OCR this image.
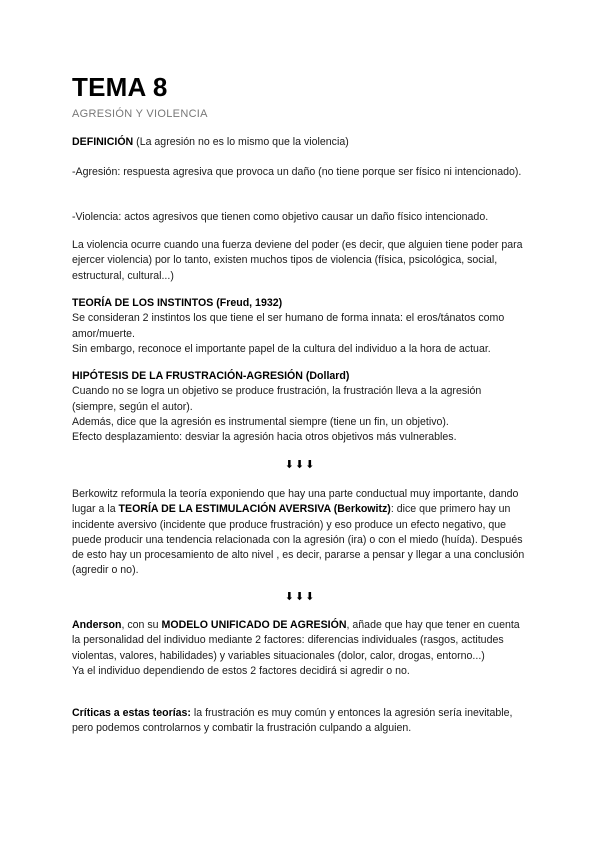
TEMA 8
AGRESIÓN Y VIOLENCIA
DEFINICIÓN (La agresión no es lo mismo que la violencia)
-Agresión: respuesta agresiva que provoca un daño (no tiene porque ser físico ni intencionado).
-Violencia: actos agresivos que tienen como objetivo causar un daño físico intencionado.
La violencia ocurre cuando una fuerza deviene del poder (es decir, que alguien tiene poder para ejercer violencia) por lo tanto, existen muchos tipos de violencia (física, psicológica, social, estructural, cultural...)
TEORÍA DE LOS INSTINTOS (Freud, 1932)
Se consideran 2 instintos los que tiene el ser humano de forma innata: el eros/tánatos como amor/muerte.
Sin embargo, reconoce el importante papel de la cultura del individuo a la hora de actuar.
HIPÓTESIS DE LA FRUSTRACIÓN-AGRESIÓN (Dollard)
Cuando no se logra un objetivo se produce frustración, la frustración lleva a la agresión (siempre, según el autor).
Además, dice que la agresión es instrumental siempre (tiene un fin, un objetivo).
Efecto desplazamiento: desviar la agresión hacia otros objetivos más vulnerables.
⬇⬇⬇
Berkowitz reformula la teoría exponiendo que hay una parte conductual muy importante, dando lugar a la TEORÍA DE LA ESTIMULACIÓN AVERSIVA (Berkowitz): dice que primero hay un incidente aversivo (incidente que produce frustración) y eso produce un efecto negativo, que puede producir una tendencia relacionada con la agresión (ira) o con el miedo (huída). Después de esto hay un procesamiento de alto nivel , es decir, pararse a pensar y llegar a una conclusión (agredir o no).
⬇⬇⬇
Anderson, con su MODELO UNIFICADO DE AGRESIÓN, añade que hay que tener en cuenta la personalidad del individuo mediante 2 factores: diferencias individuales (rasgos, actitudes violentas, valores, habilidades) y variables situacionales (dolor, calor, drogas, entorno...)
Ya el individuo dependiendo de estos 2 factores decidirá si agredir o no.
Críticas a estas teorías: la frustración es muy común y entonces la agresión sería inevitable, pero podemos controlarnos y combatir la frustración culpando a alguien.
